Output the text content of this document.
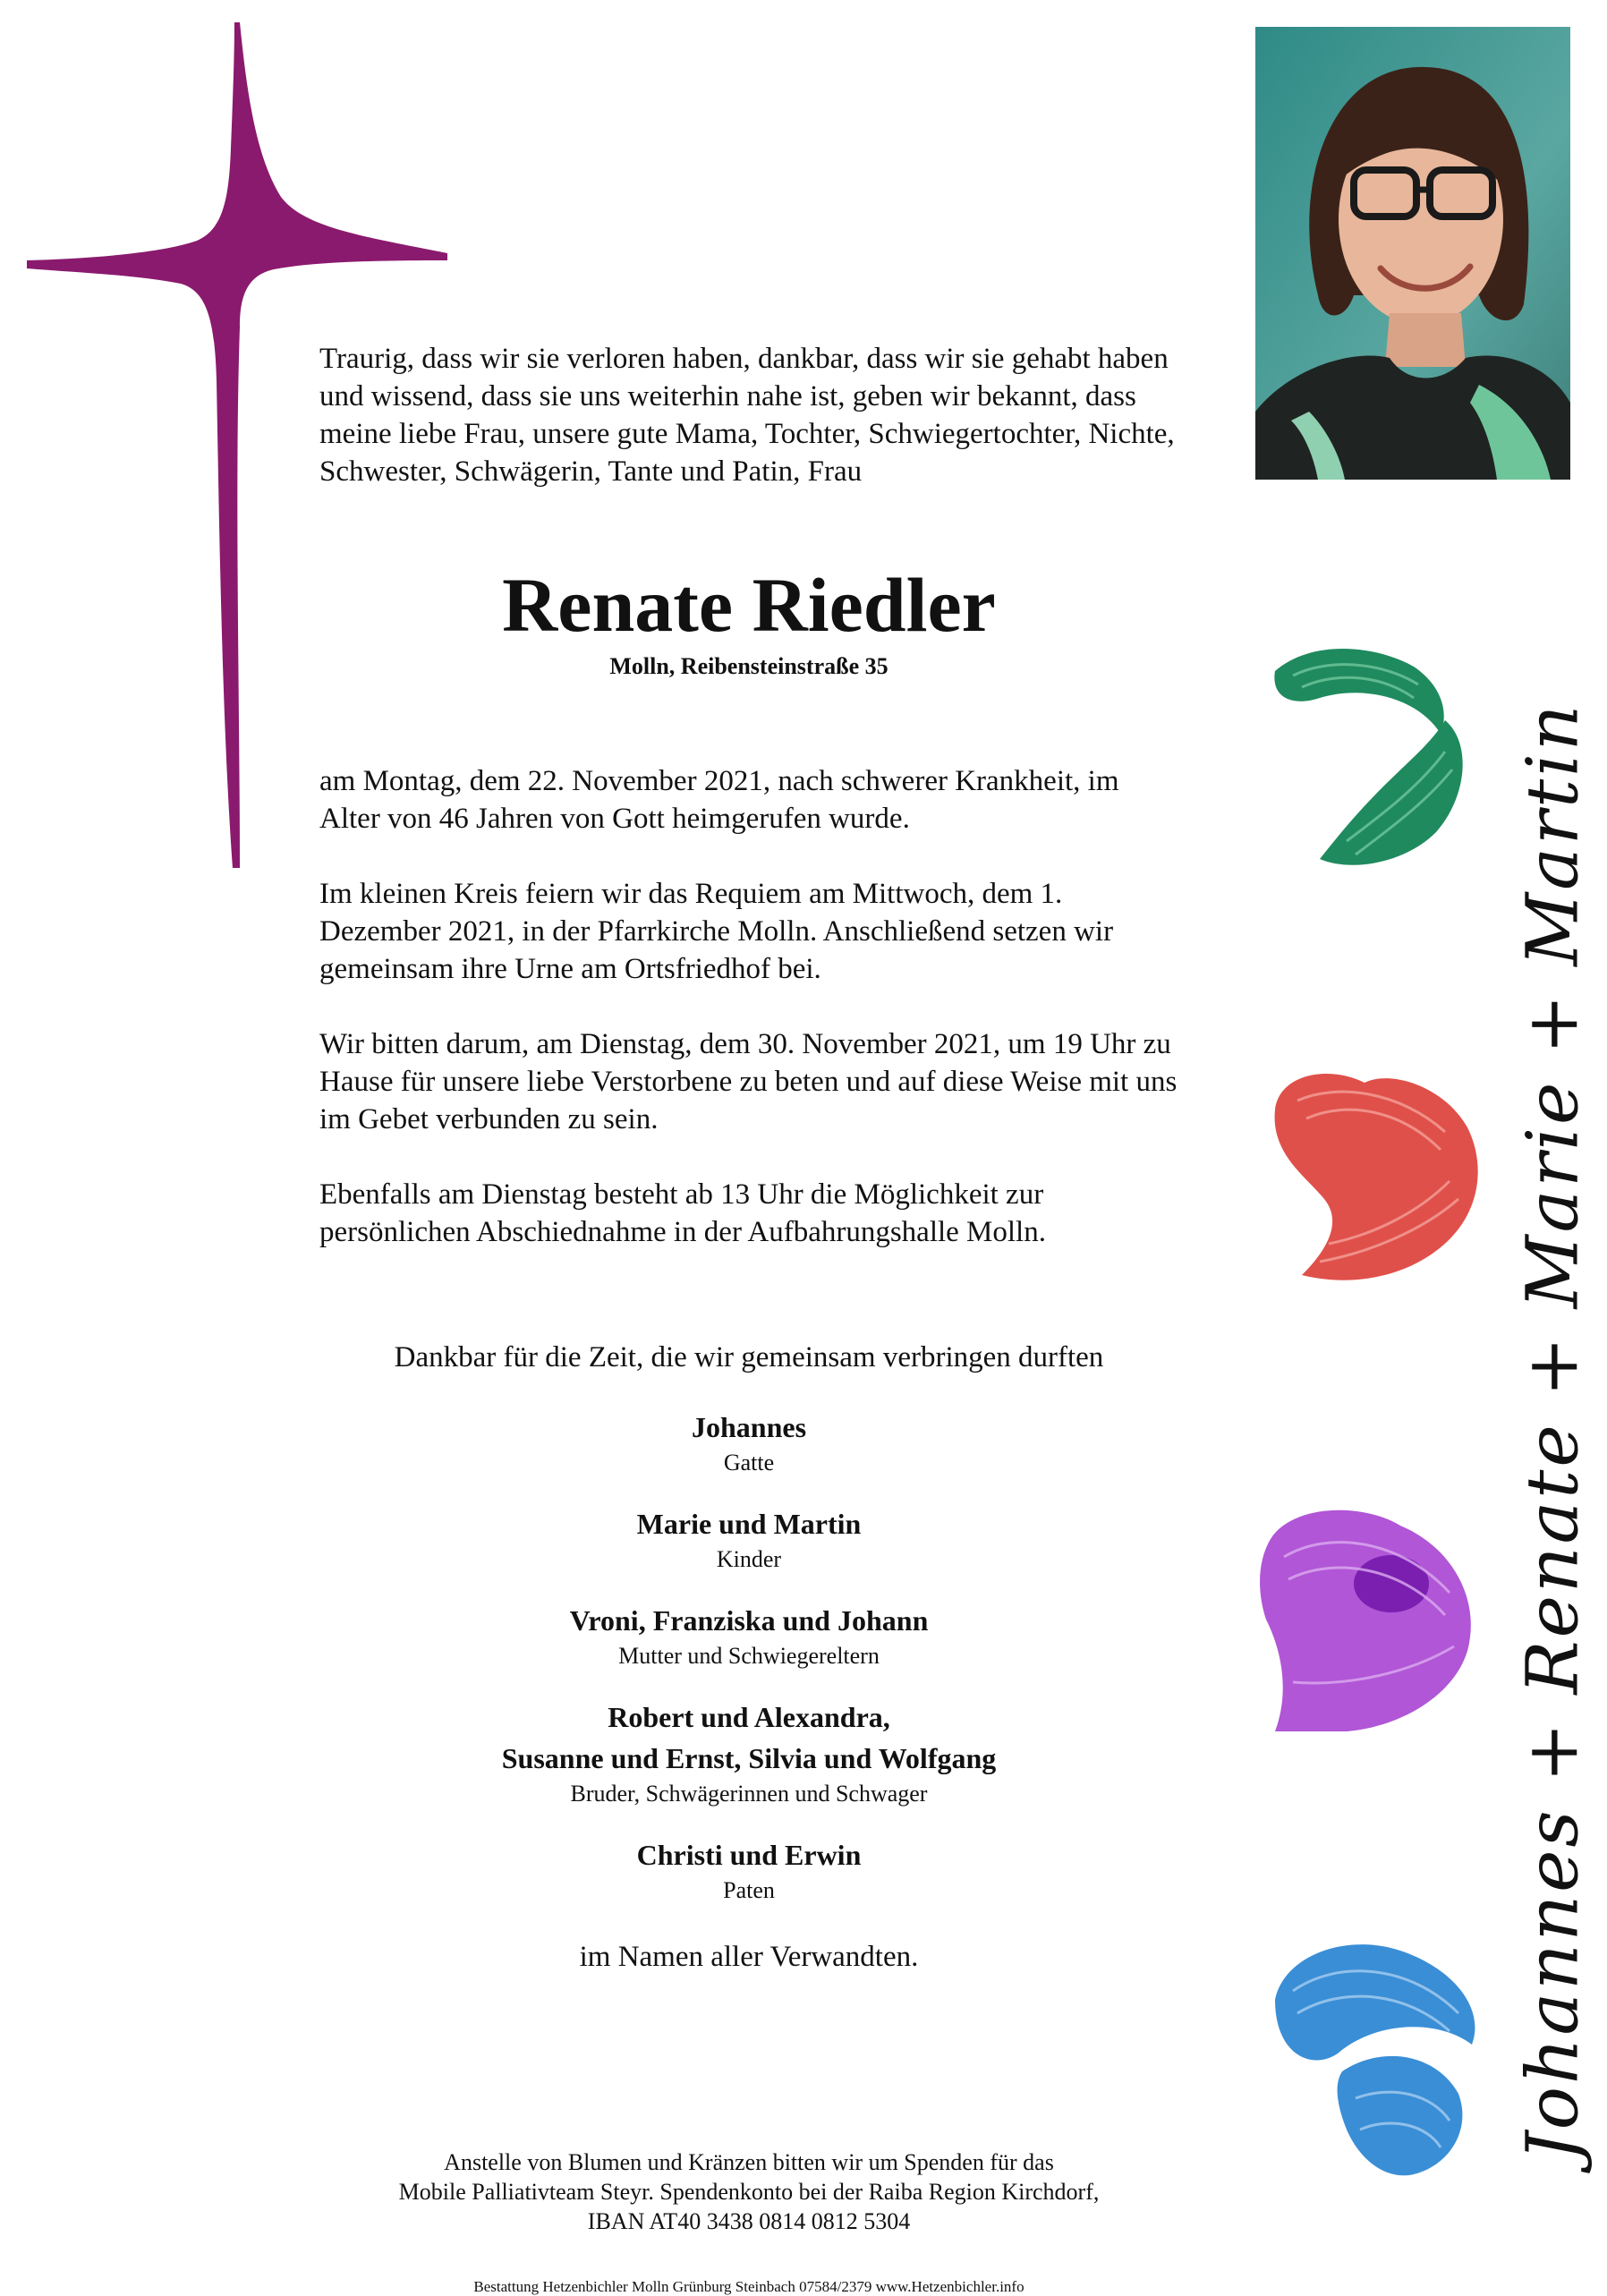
Johannes + Renate + Marie + Martin

Traurig, dass wir sie verloren haben, dankbar, dass wir sie gehabt haben und wissend, dass sie uns weiterhin nahe ist, geben wir bekannt, dass meine liebe Frau, unsere gute Mama, Tochter, Schwiegertochter, Nichte, Schwester, Schwägerin, Tante und Patin, Frau

Renate Riedler
Molln, Reibensteinstraße 35

am Montag, dem 22. November 2021, nach schwerer Krankheit, im Alter von 46 Jahren von Gott heimgerufen wurde.

Im kleinen Kreis feiern wir das Requiem am Mittwoch, dem 1. Dezember 2021, in der Pfarrkirche Molln. Anschließend setzen wir gemeinsam ihre Urne am Ortsfriedhof bei.

Wir bitten darum, am Dienstag, dem 30. November 2021, um 19 Uhr zu Hause für unsere liebe Verstorbene zu beten und auf diese Weise mit uns im Gebet verbunden zu sein.

Ebenfalls am Dienstag besteht ab 13 Uhr die Möglichkeit zur persönlichen Abschiednahme in der Aufbahrungshalle Molln.

Dankbar für die Zeit, die wir gemeinsam verbringen durften
Johannes
Gatte
Marie und Martin
Kinder
Vroni, Franziska und Johann
Mutter und Schwiegereltern
Robert und Alexandra,
Susanne und Ernst, Silvia und Wolfgang
Bruder, Schwägerinnen und Schwager
Christi und Erwin
Paten
im Namen aller Verwandten.
Anstelle von Blumen und Kränzen bitten wir um Spenden für das
Mobile Palliativteam Steyr. Spendenkonto bei der Raiba Region Kirchdorf,
IBAN AT40 3438 0814 0812 5304
Bestattung Hetzenbichler Molln Grünburg Steinbach 07584/2379 www.Hetzenbichler.info
